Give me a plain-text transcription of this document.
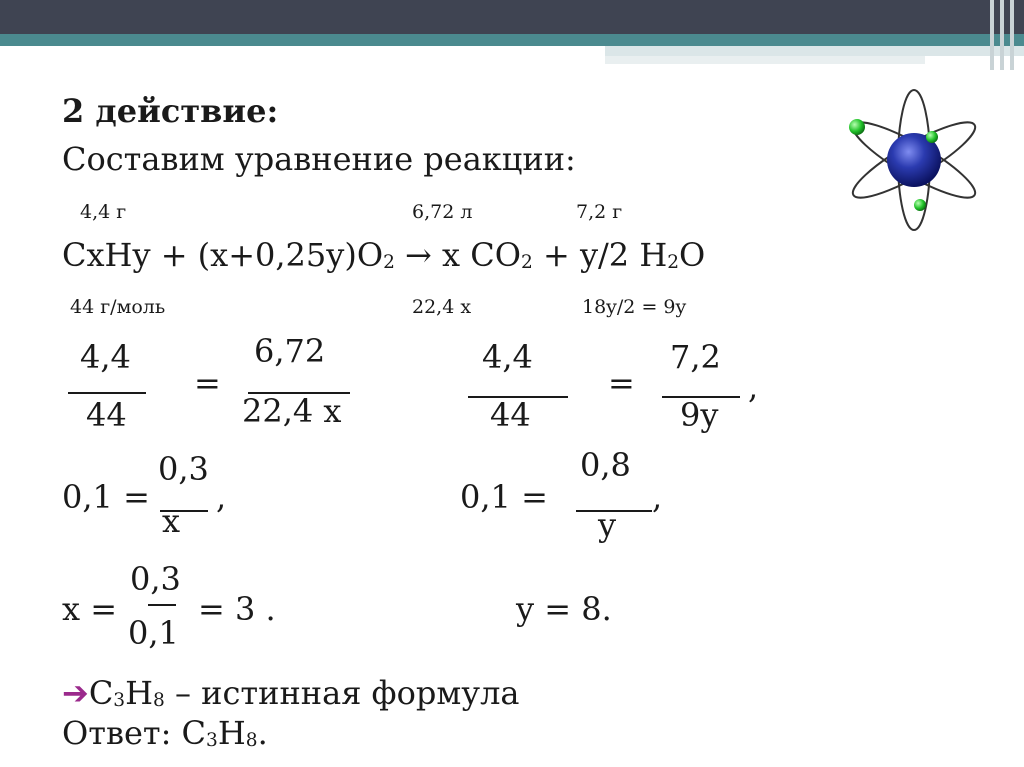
2 действие:
Составим уравнение реакции:
4,4 г	6,72 л	7,2 г
CxHy + $(x+0,25y)O_2 \to x$ $CO_2 + y/2$ $H_2O$
44 г/моль	22,4 x	18y/2 = 9y
4,4
44
=
6,72
22,4 x
4,4
44
=
7,2
9y
,
0,1 =
0,3
x
,	0,1 =
0,8
y
,
x =
0,3
0,1
= 3 .	y = 8.
$➔C_3H_8$ – истинная формула
Ответ: $C_3H_8$.
